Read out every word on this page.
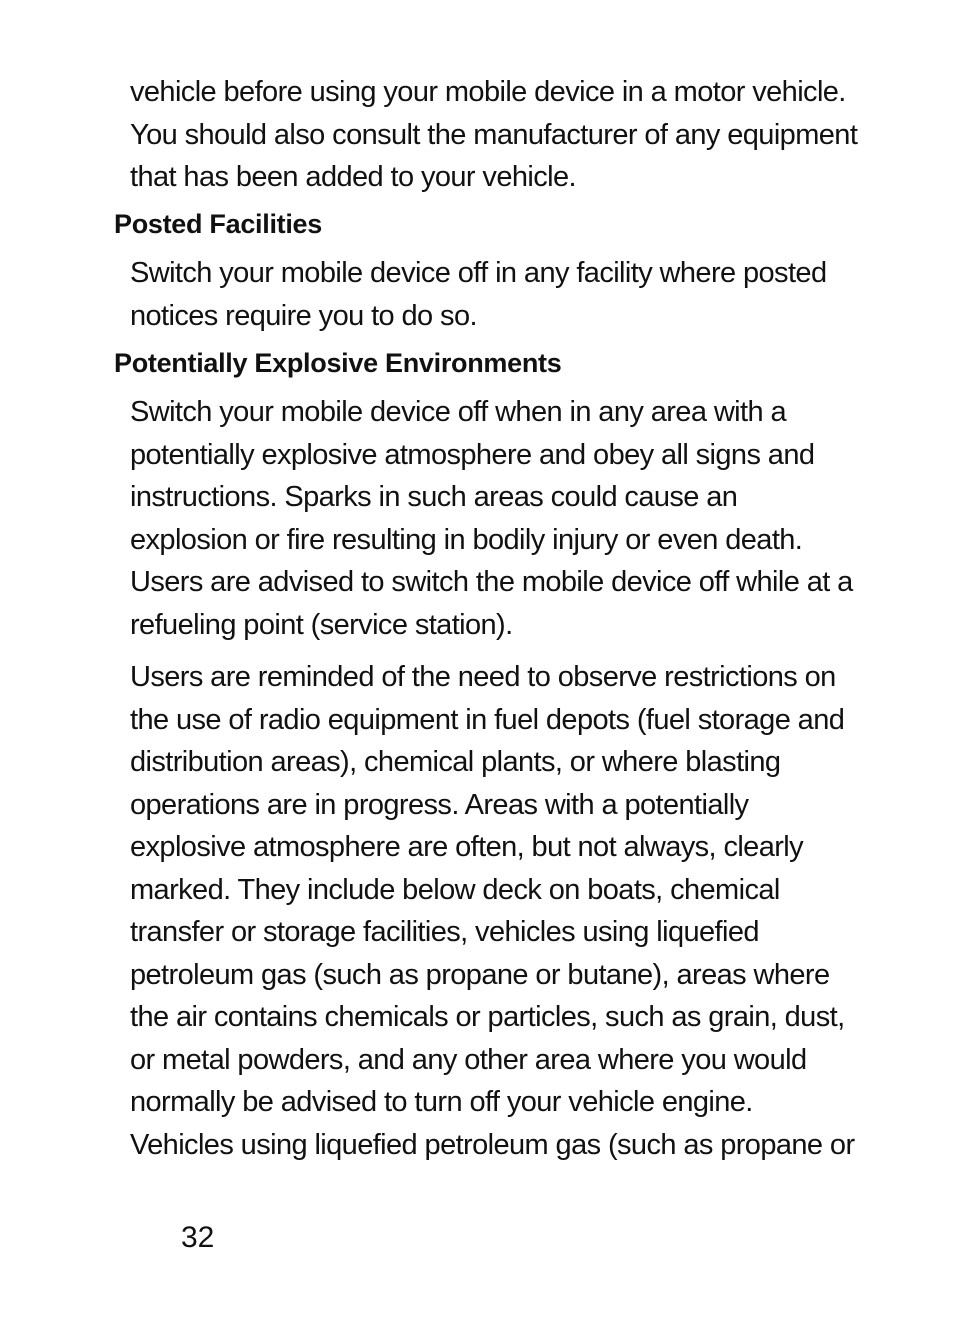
vehicle before using your mobile device in a motor vehicle.
You should also consult the manufacturer of any equipment
that has been added to your vehicle.

Posted Facilities

Switch your mobile device off in any facility where posted
notices require you to do so.

Potentially Explosive Environments

Switch your mobile device off when in any area with a
potentially explosive atmosphere and obey all signs and
instructions. Sparks in such areas could cause an
explosion or fire resulting in bodily injury or even death.
Users are advised to switch the mobile device off while at a
refueling point (service station).

Users are reminded of the need to observe restrictions on
the use of radio equipment in fuel depots (fuel storage and
distribution areas), chemical plants, or where blasting
operations are in progress. Areas with a potentially
explosive atmosphere are often, but not always, clearly
marked. They include below deck on boats, chemical
transfer or storage facilities, vehicles using liquefied
petroleum gas (such as propane or butane), areas where
the air contains chemicals or particles, such as grain, dust,
or metal powders, and any other area where you would
normally be advised to turn off your vehicle engine.
Vehicles using liquefied petroleum gas (such as propane or

32
